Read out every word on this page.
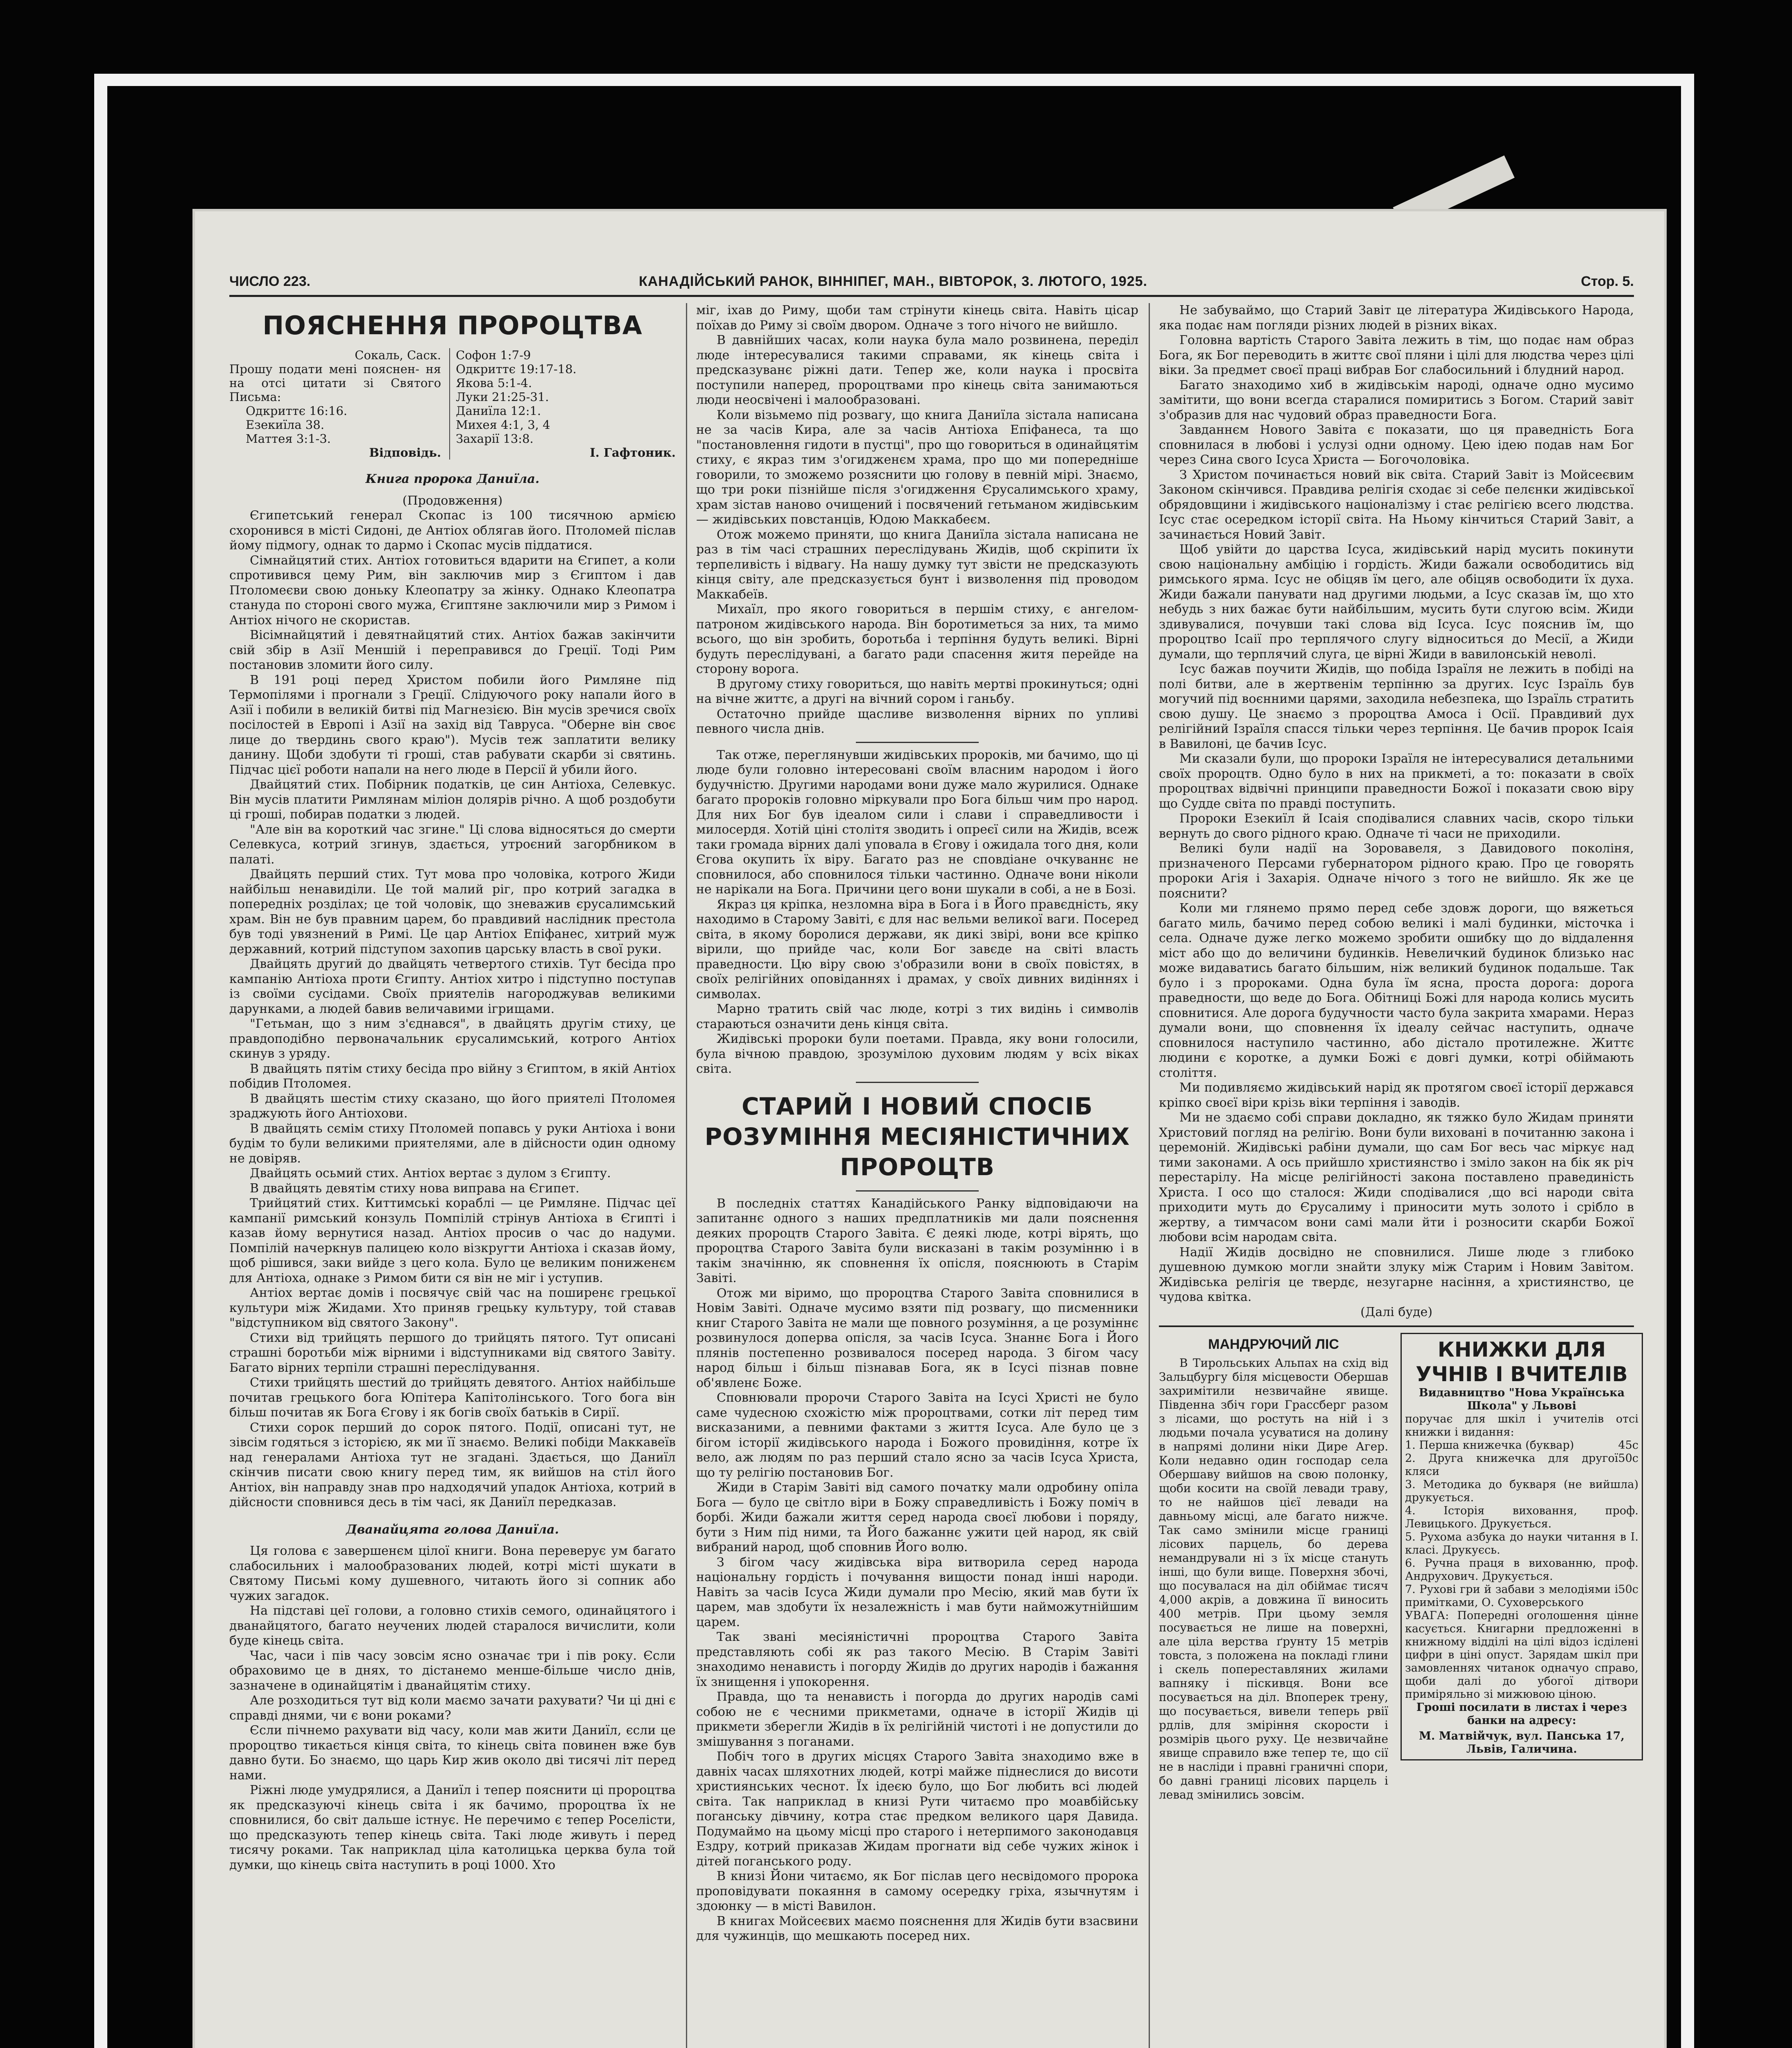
ЧИСЛО 223.	КАНАДІЙСЬКИЙ РАНОК, ВІННІПЕГ, МАН., ВІВТОРОК, 3. ЛЮТОГО, 1925.	Стор. 5.
ПОЯСНЕННЯ ПРОРОЦТВА
Сокаль, Саск.
Прошу подати мені пояснен- ня на отсі цитати зі Святого Письма:
Одкриттє 16:16.
Езекиїла 38.
Маттея 3:1-3.
Відповідь.
Софон 1:7-9
Одкриттє 19:17-18.
Якова 5:1-4.
Луки 21:25-31.
Даниїла 12:1.
Михея 4:1, 3, 4
Захарії 13:8.
І. Гафтоник.
Книга пророка Даниїла.

(Продовження)

Єгипетський генерал Скопас із 100 тисячною армією схоронився в місті Сидоні, де Антіох облягав його. Птоломей післав йому підмогу, однак то дармо і Скопас мусів піддатися.

Сімнайцятий стих. Антіох готовиться вдарити на Єгипет, а коли спротивився цему Рим, він заключив мир з Єгиптом і дав Птоломеєви свою доньку Клеопатру за жінку. Однако Клеопатра стануда по стороні свого мужа, Єгиптяне заключили мир з Римом і Антіох нічого не скористав.

Вісімнайцятий і девятнайцятий стих. Антіох бажав закінчити свій збір в Азії Меншій і переправився до Греції. Тоді Рим постановив зломити його силу.

В 191 році перед Христом побили його Римляне під Термопілями і прогнали з Греції. Слідуючого року напали його в Азії і побили в великій битві під Магнезією. Він мусів зречися своїх посілостей в Европі і Азії на захід від Тавруса. "Оберне він своє лице до твердинь свого краю"). Мусів теж заплатити велику данину. Щоби здобути ті гроші, став рабувати скарби зі святинь. Підчас цієї роботи напали на него люде в Персії й убили його.

Двайцятий стих. Побірник податків, це син Антіоха, Селевкус. Він мусів платити Римлянам міліон долярів річно. А щоб роздобути ці гроші, побирав податки з людей.

"Але він ва короткий час згине." Ці слова відносяться до смерти Селевкуса, котрий згинув, здається, утроєний загорбником в палаті.

Двайцять перший стих. Тут мова про чоловіка, котрого Жиди найбільш ненавиділи. Це той малий ріг, про котрий загадка в попередніх розділах; це той чоловік, що зневажив єрусалимський храм. Він не був правним царем, бо правдивий наслідник престола був тоді увязнений в Римі. Це цар Антіох Епіфанес, хитрий муж державний, котрий підступом захопив царську власть в свої руки.

Двайцять другий до двайцять четвертого стихів. Тут бесіда про кампанію Антіоха проти Єгипту. Антіох хитро і підступно поступав із своїми сусідами. Своїх приятелів нагороджував великими дарунками, а людей бавив величавими ігрищами.

"Гетьман, що з ним з'єднався", в двайцять другім стиху, це правдоподібно первоначальник єрусалимський, котрого Антіох скинув з уряду.

В двайцять пятім стиху бесіда про війну з Єгиптом, в якій Антіох побідив Птоломея.

В двайцять шестім стиху сказано, що його приятелі Птоломея зраджують його Антіохови.

В двайцять сємім стиху Птоломей попавсь у руки Антіоха і вони будім то були великими приятелями, але в дійсности один одному не довіряв.

Двайцять осьмий стих. Антіох вертає з дулом з Єгипту.

В двайцять девятім стиху нова виправа на Єгипет.

Трийцятий стих. Киттимські кораблі — це Римляне. Підчас цеї кампанії римський конзуль Помпілій стрінув Антіоха в Єгипті і казав йому вернутися назад. Антіох просив о час до надуми. Помпілій начеркнув палицею коло візкругти Антіоха і сказав йому, щоб рішився, заки вийде з цего кола. Було це великим пониженєм для Антіоха, однаке з Римом бити ся він не міг і уступив.

Антіох вертає домів і посвячує свій час на поширенє грецької культури між Жидами. Хто приняв грецьку культуру, той ставав "відступником від святого Закону".

Стихи від трийцять першого до трийцять пятого. Тут описані страшні боротьби між вірними і відступниками від святого Завіту. Багато вірних терпіли страшні переслідування.

Стихи трийцять шестий до трийцять девятого. Антіох найбільше почитав грецького бога Юпітера Капітолінського. Того бога він більш почитав як Бога Єгову і як богів своїх батьків в Сирії.

Стихи сорок перший до сорок пятого. Події, описані тут, не зівсім годяться з історією, як ми її знаємо. Великі побіди Маккавеїв над генералами Антіоха тут не згадані. Здається, що Даниїл скінчив писати свою книгу перед тим, як вийшов на стіл його Антіох, він направду знав про надходячий упадок Антіоха, котрий в дійсности сповнився десь в тім часі, як Даниїл передказав.

Дванайцята голова Даниїла.

Ця голова є завершенєм цілої книги. Вона переверує ум багато слабосильних і малообразованих людей, котрі місті шукати в Святому Письмі кому душевного, читають його зі сопник або чужих загадок.

На підставі цеї голови, а головно стихів семого, одинайцятого і дванайцятого, багато неучених людей старалося вичислити, коли буде кінець світа.

Час, часи і пів часу зовсім ясно означає три і пів року. Єсли обраховимо це в днях, то дістанемо менше-більше число днів, зазначене в одинайцятім і дванайцятім стиху.

Але розходиться тут від коли маємо зачати рахувати? Чи ці дні є справді днями, чи є вони роками?

Єсли пічнемо рахувати від часу, коли мав жити Даниїл, єсли це пророцтво тикається кінця світа, то кінець світа повинен вже був давно бути. Бо знаємо, що царь Кир жив около дві тисячі літ перед нами.

Ріжні люде умудрялися, а Даниїл і тепер пояснити ці пророцтва як предсказуючі кінець світа і як бачимо, пророцтва їх не сповнилися, бо світ дальше істнує. Не перечимо є тепер Роселісти, що предсказують тепер кінець світа. Такі люде живуть і перед тисячу роками. Так наприклад ціла католицька церква була той думки, що кінець світа наступить в році 1000. Хто

міг, іхав до Риму, щоби там стрінути кінець світа. Навіть цісар поїхав до Риму зі своїм двором. Одначе з того нічого не вийшло.

В давнійших часах, коли наука була мало розвинена, переділ люде інтересувалися такими справами, як кінець світа і предсказуванє ріжні дати. Тепер же, коли наука і просвіта поступили наперед, пророцтвами про кінець світа занимаються люди неосвічені і малообразовані.

Коли візьмемо під розвагу, що книга Даниїла зістала написана не за часів Кира, але за часів Антіоха Епіфанеса, та що "постановлення гидоти в пустці", про що говориться в одинайцятім стиху, є якраз тим з'огидженєм храма, про що ми попередніше говорили, то зможемо розяснити цю голову в певній мірі. Знаємо, що три роки пізнійше після з'огидження Єрусалимського храму, храм зістав наново очищений і посвячений гетьманом жидівським — жидівських повстанців, Юдою Маккабеєм.

Отож можемо приняти, що книга Даниїла зістала написана не раз в тім часі страшних переслідувань Жидів, щоб скріпити їх терпеливість і відвагу. На нашу думку тут звісти не предсказують кінця світу, але предсказується бунт і визволення під проводом Маккабеїв.

Михаїл, про якого говориться в першім стиху, є ангелом-патроном жидівського народа. Він боротиметься за них, та мимо всього, що він зробить, боротьба і терпіння будуть великі. Вірні будуть переслідувані, а багато ради спасення житя перейде на сторону ворога.

В другому стиху говориться, що навіть мертві прокинуться; одні на вічне життє, а другі на вічний сором і ганьбу.

Остаточно прийде щасливе визволення вірних по упливі певного числа днів.

Так отже, переглянувши жидівських пророків, ми бачимо, що ці люде були головно інтересовані своїм власним народом і його будучністю. Другими народами вони дуже мало журилися. Однаке багато пророків головно міркували про Бога більш чим про народ. Для них Бог був ідеалом сили і слави і справедливости і милосердя. Хотій ціні столітя зводить і опреєї сили на Жидів, всеж таки громада вірних далі уповала в Єгову і ожидала того дня, коли Єгова окупить їх віру. Багато раз не сповдіане очкуваннє не сповнилося, або сповнилося тільки частинно. Одначе вони ніколи не нарікали на Бога. Причини цего вони шукали в собі, а не в Бозі.

Якраз ця кріпка, незломна віра в Бога і в Його правєдність, яку находимо в Старому Завіті, є для нас вельми великої ваги. Посеред світа, в якому боролися держави, як дикі звірі, вони все кріпко вірили, що прийде час, коли Бог завєде на світі власть праведности. Цю віру свою з'образили вони в своїх повістях, в своїх релігійних оповіданнях і драмах, у своїх дивних видіннях і символах.

Марно тратить свій час люде, котрі з тих видінь і символів стараються означити день кінця світа.

Жидівські пророки були поетами. Правда, яку вони голосили, була вічною правдою, зрозумілою духовим людям у всіх віках світа.

СТАРИЙ І НОВИЙ СПОСІБ РОЗУМІННЯ МЕСІЯНІСТИЧНИХ ПРОРОЦТВ

В последніх статтях Канадійського Ранку відповідаючи на запитаннє одного з наших предплатників ми дали пояснення деяких пророцтв Старого Завіта. Є деякі люде, котрі вірять, що пророцтва Старого Завіта були висказані в такім розумінню і в такім значінню, як сповнення їх опісля, пояснюють в Старім Завіті.

Отож ми віримо, що пророцтва Старого Завіта сповнилися в Новім Завіті. Одначе мусимо взяти під розвагу, що писменники книг Старого Завіта не мали ще повного розуміння, а це розуміннє розвинулося доперва опісля, за часів Ісуса. Знаннє Бога і Його плянів постепенно розвивалося посеред народа. З бігом часу народ більш і більш пізнавав Бога, як в Ісусі пізнав повне об'явленє Боже.

Сповнювали пророчи Старого Завіта на Ісусі Христі не було саме чудесною схожістю між пророцтвами, сотки літ перед тим висказаними, а певними фактами з життя Ісуса. Але було це з бігом історії жидівського народа і Божого провидіння, котре їх вело, аж людям по раз перший стало ясно за часів Ісуса Христа, що ту релігію постановив Бог.

Жиди в Старім Завіті від самого початку мали одробину опіла Бога — було це світло віри в Божу справедливість і Божу поміч в борбі. Жиди бажали життя серед народа своєї любови і поряду, бути з Ним під ними, та Його бажаннє ужити цей народ, як свій вибраний народ, щоб сповнив Його волю.

З бігом часу жидівська віра витворила серед народа національну гордість і почування вищости понад інші народи. Навіть за часів Ісуса Жиди думали про Месію, який мав бути їх царем, мав здобути їх незалежність і мав бути найможутнійшим царем.

Так звані месіяністичні пророцтва Старого Завіта представляють собі як раз такого Месію. В Старім Завіті знаходимо ненависть і погорду Жидів до других народів і бажання їх знищення і упокорення.

Правда, що та ненависть і погорда до других народів самі собою не є чесними прикметами, одначе в історії Жидів ці прикмети зберегли Жидів в їх релігійній чистоті і не допустили до змішування з поганами.

Побіч того в других місцях Старого Завіта знаходимо вже в давніх часах шляхотних людей, котрі майже піднеслися до висоти християнських чеснот. Їх ідеєю було, що Бог любить всі людей світа. Так наприклад в книзі Рути читаємо про моавбійську поганську дівчину, котра стає предком великого царя Давида. Подумаймо на цьому місці про старого і нетерпимого законодавця Ездру, котрий приказав Жидам прогнати від себе чужих жінок і дітей поганського роду.

В книзі Йони читаємо, як Бог післав цего несвідомого пророка проповідувати покаяння в самому осередку гріха, язычнутям і здоюнку — в місті Вавилон.

В книгах Мойсеєвих маємо пояснення для Жидів бути взасвини для чужинців, що мешкають посеред них.

Не забуваймо, що Старий Завіт це література Жидівського Народа, яка подає нам погляди різних людей в різних віках.

Головна вартість Старого Завіта лежить в тім, що подає нам образ Бога, як Бог переводить в життє свої пляни і цілі для людства через цілі віки. За предмет своєї праці вибрав Бог слабосильний і блудний народ.

Багато знаходимо хиб в жидівськім народі, одначе одно мусимо замітити, що вони всегда старалися помиритись з Богом. Старий завіт з'образив для нас чудовий образ праведности Бога.

Завданнєм Нового Завіта є показати, що ця праведність Бога сповнилася в любові і услузі одни одному. Цею ідею подав нам Бог через Сина свого Ісуса Христа — Богочоловіка.

З Христом починається новий вік світа. Старий Завіт із Мойсеєвим Законом скінчився. Правдива релігія сходає зі себе пелєнки жидівської обрядовщини і жидівського націоналізму і стає релігією всего людства. Ісус стає осередком історії світа. На Ньому кінчиться Старий Завіт, а зачинається Новий Завіт.

Щоб увійти до царства Ісуса, жидівський нарід мусить покинути свою національну амбіцію і гордість. Жиди бажали освободитись від римського ярма. Ісус не обіцяв їм цего, але обіцяв освободити їх духа. Жиди бажали панувати над другими людьми, а Ісус сказав їм, що хто небудь з них бажає бути найбільшим, мусить бути слугою всім. Жиди здивувалися, почувши такі слова від Ісуса. Ісус пояснив їм, що пророцтво Ісаії про терплячого слугу відноситься до Месії, а Жиди думали, що терплячий слуга, це вірні Жиди в вавилонській неволі.

Ісус бажав поучити Жидів, що побіда Ізраїля не лежить в побіді на полі битви, але в жертвенім терпінню за других. Ісус Ізраїль був могучий під воєнними царями, заходила небезпека, що Ізраїль стратить свою душу. Це знаємо з пророцтва Амоса і Осії. Правдивий дух релігійний Ізраїля спасся тільки через терпіння. Це бачив пророк Ісаія в Вавилоні, це бачив Ісус.

Ми сказали були, що пророки Ізраїля не інтересувалися детальними своїх пророцтв. Одно було в них на прикметі, а то: показати в своїх пророцтвах відвічні принципи праведности Божої і показати свою віру що Судде світа по правді поступить.

Пророки Езекиїл й Ісаія сподівалися славних часів, скоро тільки вернуть до свого рідного краю. Одначе ті часи не приходили.

Великі були надії на Зоровавеля, з Давидового поколіня, призначеного Персами губернатором рідного краю. Про це говорять пророки Агія і Захарія. Одначе нічого з того не вийшло. Як же це пояснити?

Коли ми глянемо прямо перед себе здовж дороги, що вяжеться багато миль, бачимо перед собою великі і малі будинки, місточка і села. Одначе дуже легко можемо зробити ошибку що до віддалення міст або що до величини будинків. Невеличкий будинок близько нас може видаватись багато більшим, ніж великий будинок подальше. Так було і з пророками. Одна була їм ясна, проста дорога: дорога праведности, що веде до Бога. Обітниці Божі для народа колись мусить сповнитися. Але дорога будучности часто була закрита хмарами. Нераз думали вони, що сповнення їх ідеалу сейчас наступить, одначе сповнилося наступило частинно, або дістало протилежне. Життє людини є коротке, а думки Божі є довгі думки, котрі обіймають століття.

Ми подивляємо жидівський нарід як протягом своєї історії держався кріпко своєї віри крізь віки терпіння і заводів.

Ми не здаємо собі справи докладно, як тяжко було Жидам приняти Христовий погляд на релігію. Вони були виховані в почитанню закона і церемоній. Жидівські рабіни думали, що сам Бог весь час міркує над тими законами. А ось прийшло християнство і зміло закон на бік як річ перестарілу. На місце релігійності закона поставлено правединість Христа. І осо що сталося: Жиди сподівалися ,що всі народи світа приходити муть до Єрусалиму і приносити муть золото і срібло в жертву, а тимчасом вони самі мали йти і розносити скарби Божої любови всім народам світа.

Надії Жидів досвідно не сповнилися. Лише люде з глибоко душевною думкою могли знайти злуку між Старим і Новим Завітом. Жидівська релігія це твердє, незугарне насіння, а християнство, це чудова квітка.

(Далі буде)

МАНДРУЮЧИЙ ЛІС

В Тирольських Альпах на схід від Зальцбургу біля місцевости Обершав захримітили незвичайне явище. Південна збіч гори Грассберг разом з лісами, що ростуть на ній і з людьми почала усуватися на долину в напрямі долини ніки Дире Агер. Коли недавно один господар села Обершаву вийшов на свою полонку, щоби косити на своїй левади траву, то не найшов цієї левади на давньому місці, але багато нижче. Так само змінили місце границі лісових парцель, бо дерева немандрували ні з їх місце стануть інші, що були вище. Поверхня збочі, що посувалася на діл обіймає тисяч 4,000 акрів, а довжина її виносить 400 метрів. При цьому земля посувається не лише на поверхні, але ціла верства ґрунту 15 метрів товста, з положена на покладі глини і скель попереставляних жилами вапняку і піскивця. Вони все посувається на діл. Впоперек трену, що посувається, вивели теперь рвії рдлів, для зміріння скорости і розмірів цього руху. Це незвичайне явище справило вже тепер те, що сії не в насліди і правні граничні спори, бо давні границі лісових парцель і левад змінились зовсім.

КНИЖКИ ДЛЯ УЧНІВ І ВЧИТЕЛІВ
Видавництво "Нова Українська Школа" у Львові
поручає для шкіл і учителів отсі книжки і видання:
1. Перша книжечка (буквар)	45c
2. Друга книжечка для другої кляси
50c
3. Методика до букваря (не вийшла) друкується.
4. Історія виховання, проф. Левицького. Друкується.
5. Рухома азбука до науки читання в І. класі. Друкуєсь.
6. Ручна праця в вихованню, проф. Андрухович. Друкується.
7. Рухові гри й забави з мелодіями і примітками, О. Суховерського
50c
УВАГА: Попередні оголошення цінне касується. Книгарни предложенні в книжному відділі на цілі відоз ісділені цифри в ціні опуст. Зарядам шкіл при замовленнях читанок одначуо справо, щоби далі до убогої дітвори приміряльно зі мижювою ціною.
Гроші посилати в листах і через банки на адресу:
М. Матвійчук, вул. Панська 17, Львів, Галичина.
